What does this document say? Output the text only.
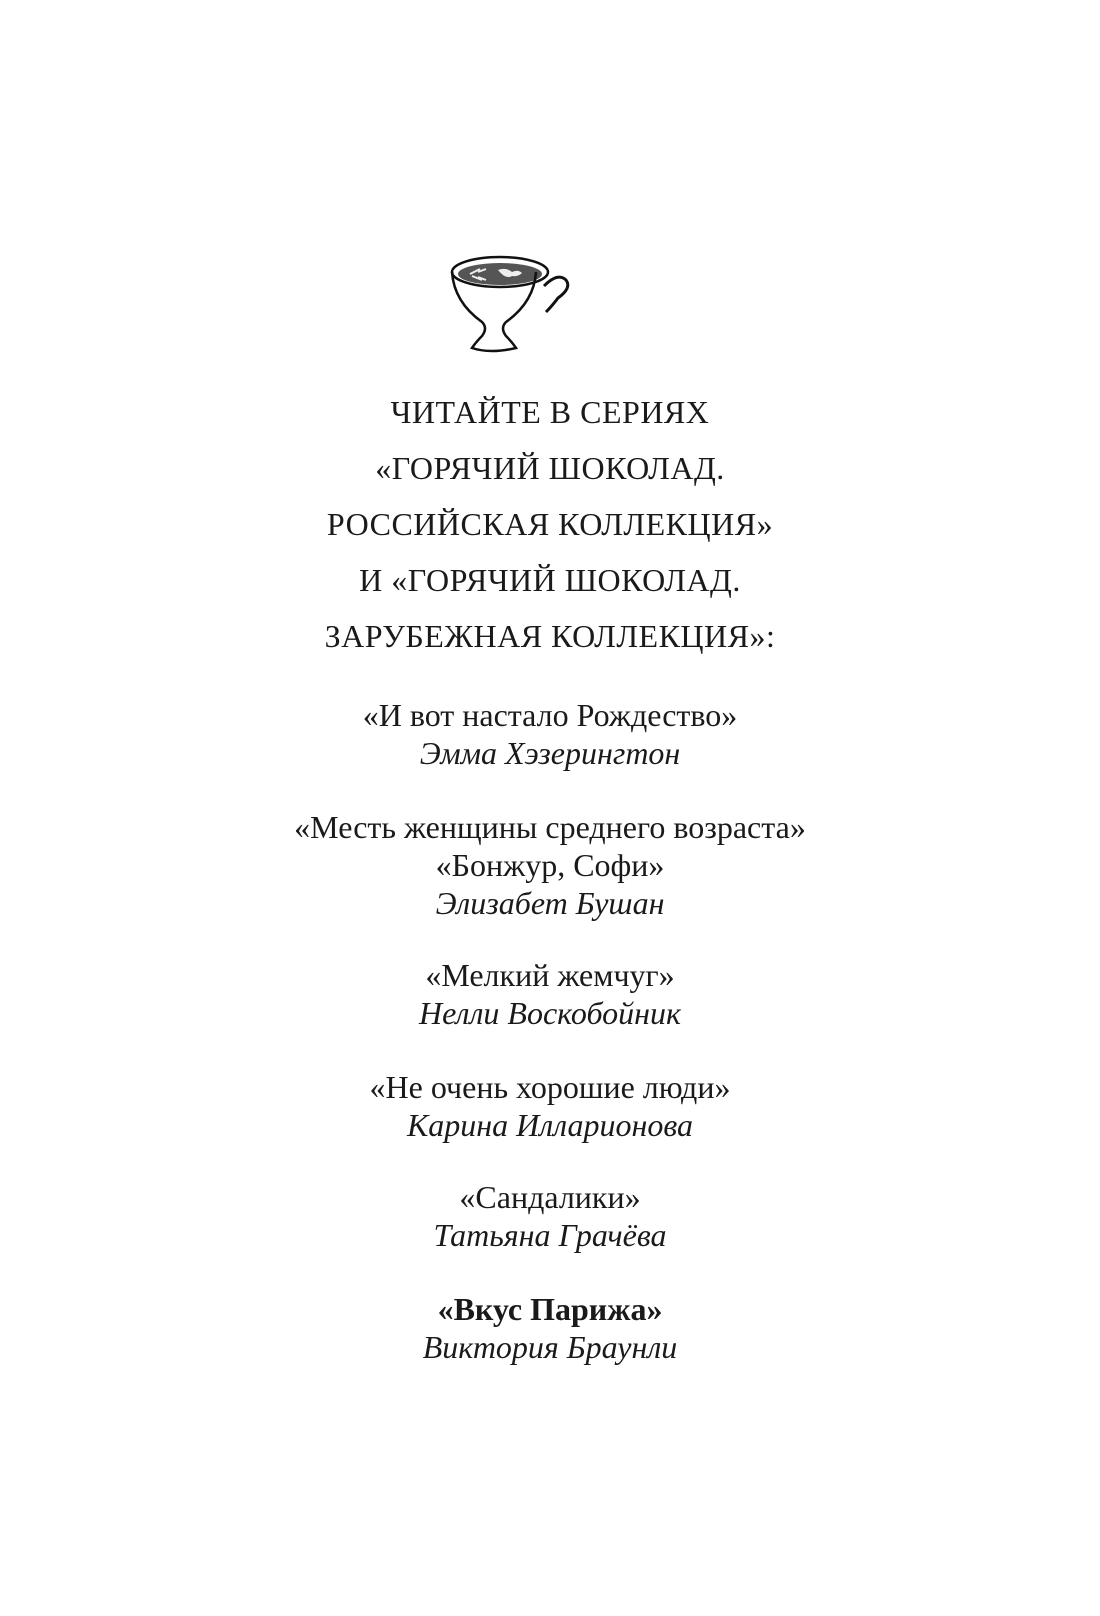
ЧИТАЙТЕ В СЕРИЯХ
«ГОРЯЧИЙ ШОКОЛАД.
РОССИЙСКАЯ КОЛЛЕКЦИЯ»
И «ГОРЯЧИЙ ШОКОЛАД.
ЗАРУБЕЖНАЯ КОЛЛЕКЦИЯ»:
«И вот настало Рождество»
Эмма Хэзерингтон
«Месть женщины среднего возраста»
«Бонжур, Софи»
Элизабет Бушан
«Мелкий жемчуг»
Нелли Воскобойник
«Не очень хорошие люди»
Карина Илларионова
«Сандалики»
Татьяна Грачёва
«Вкус Парижа»
Виктория Браунли
